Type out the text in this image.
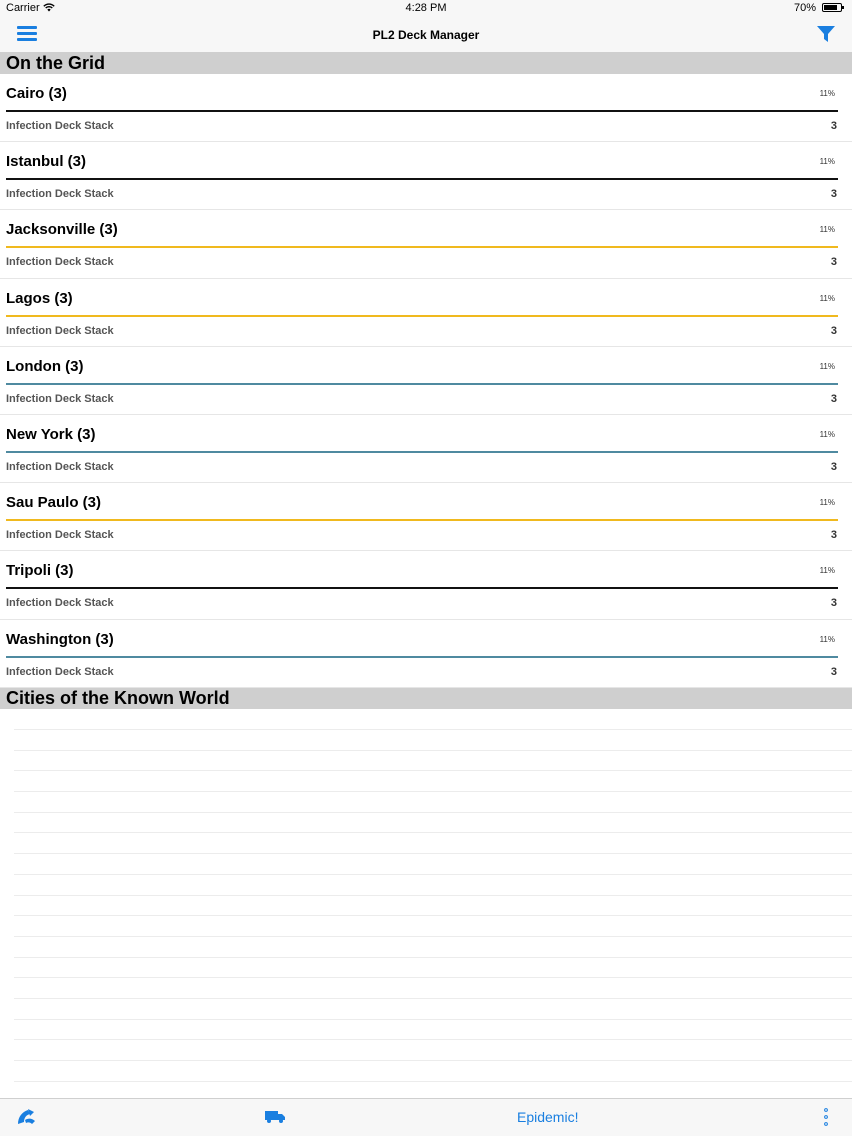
Carrier	4:28 PM	70%
PL2 Deck Manager
On the Grid
Cairo (3)	11%
Infection Deck Stack	3
Istanbul (3)	11%
Infection Deck Stack	3
Jacksonville (3)	11%
Infection Deck Stack	3
Lagos (3)	11%
Infection Deck Stack	3
London (3)	11%
Infection Deck Stack	3
New York (3)	11%
Infection Deck Stack	3
Sau Paulo (3)	11%
Infection Deck Stack	3
Tripoli (3)	11%
Infection Deck Stack	3
Washington (3)	11%
Infection Deck Stack	3
Cities of the Known World
Epidemic!
